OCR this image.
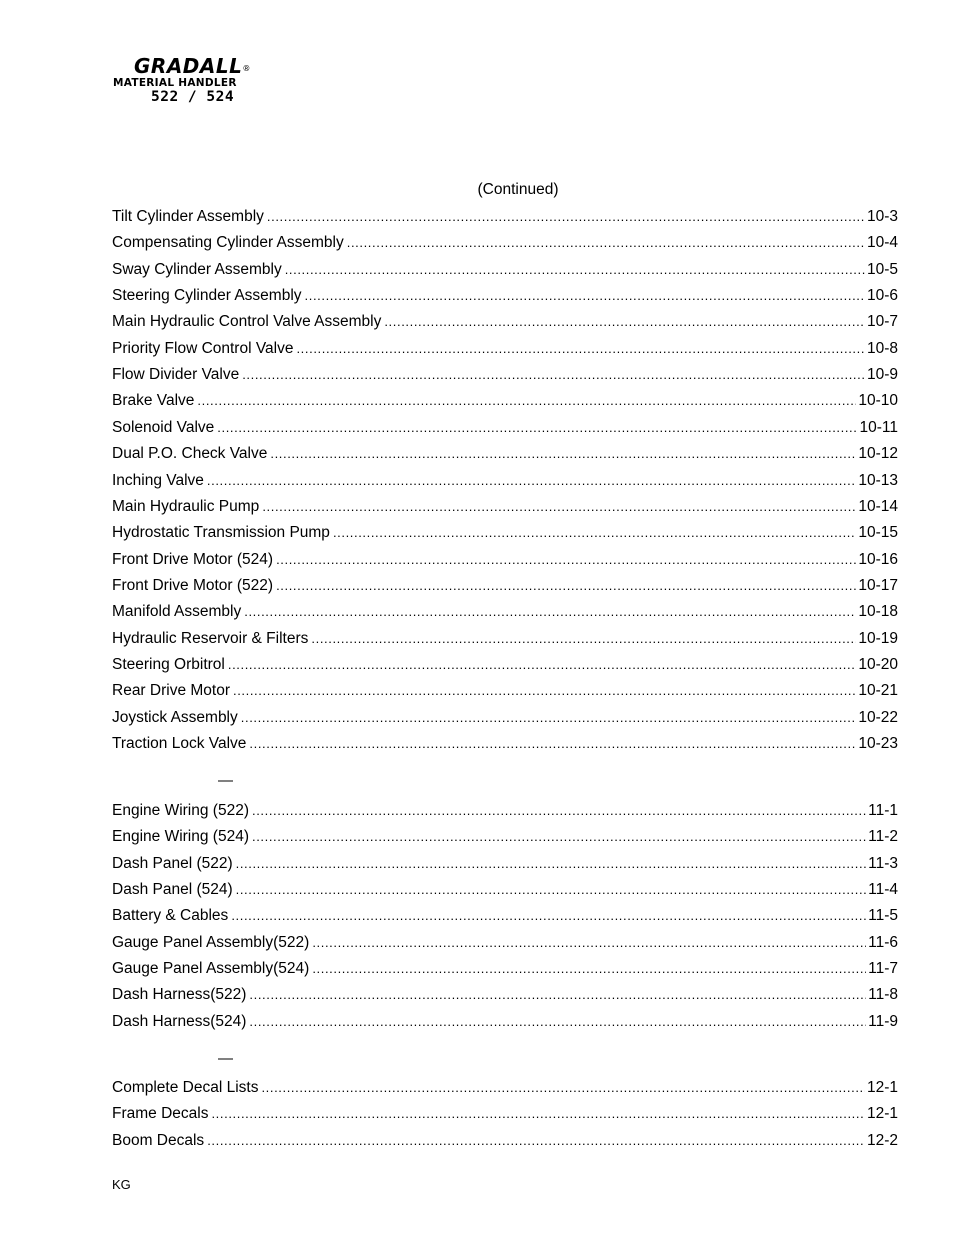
GRADALL®
MATERIAL HANDLER
522 / 524
(Continued)
Tilt Cylinder Assembly .....	10-3
Compensating Cylinder Assembly .....	10-4
Sway Cylinder Assembly .....	10-5
Steering Cylinder Assembly .....	10-6
Main Hydraulic Control Valve Assembly .....	10-7
Priority Flow Control Valve .....	10-8
Flow Divider Valve .....	10-9
Brake Valve .....	10-10
Solenoid Valve .....	10-11
Dual P.O. Check Valve .....	10-12
Inching Valve .....	10-13
Main Hydraulic Pump .....	10-14
Hydrostatic Transmission Pump .....	10-15
Front Drive Motor (524) .....	10-16
Front Drive Motor (522) .....	10-17
Manifold Assembly .....	10-18
Hydraulic Reservoir & Filters .....	10-19
Steering Orbitrol .....	10-20
Rear Drive Motor .....	10-21
Joystick Assembly .....	10-22
Traction Lock Valve .....	10-23
—
Engine Wiring (522) .....	11-1
Engine Wiring (524) .....	11-2
Dash Panel (522) .....	11-3
Dash Panel (524) .....	11-4
Battery & Cables .....	11-5
Gauge Panel Assembly(522) .....	11-6
Gauge Panel Assembly(524) .....	11-7
Dash Harness(522) .....	11-8
Dash Harness(524) .....	11-9
—
Complete Decal Lists .....	12-1
Frame Decals .....	12-1
Boom Decals .....	12-2
KG
